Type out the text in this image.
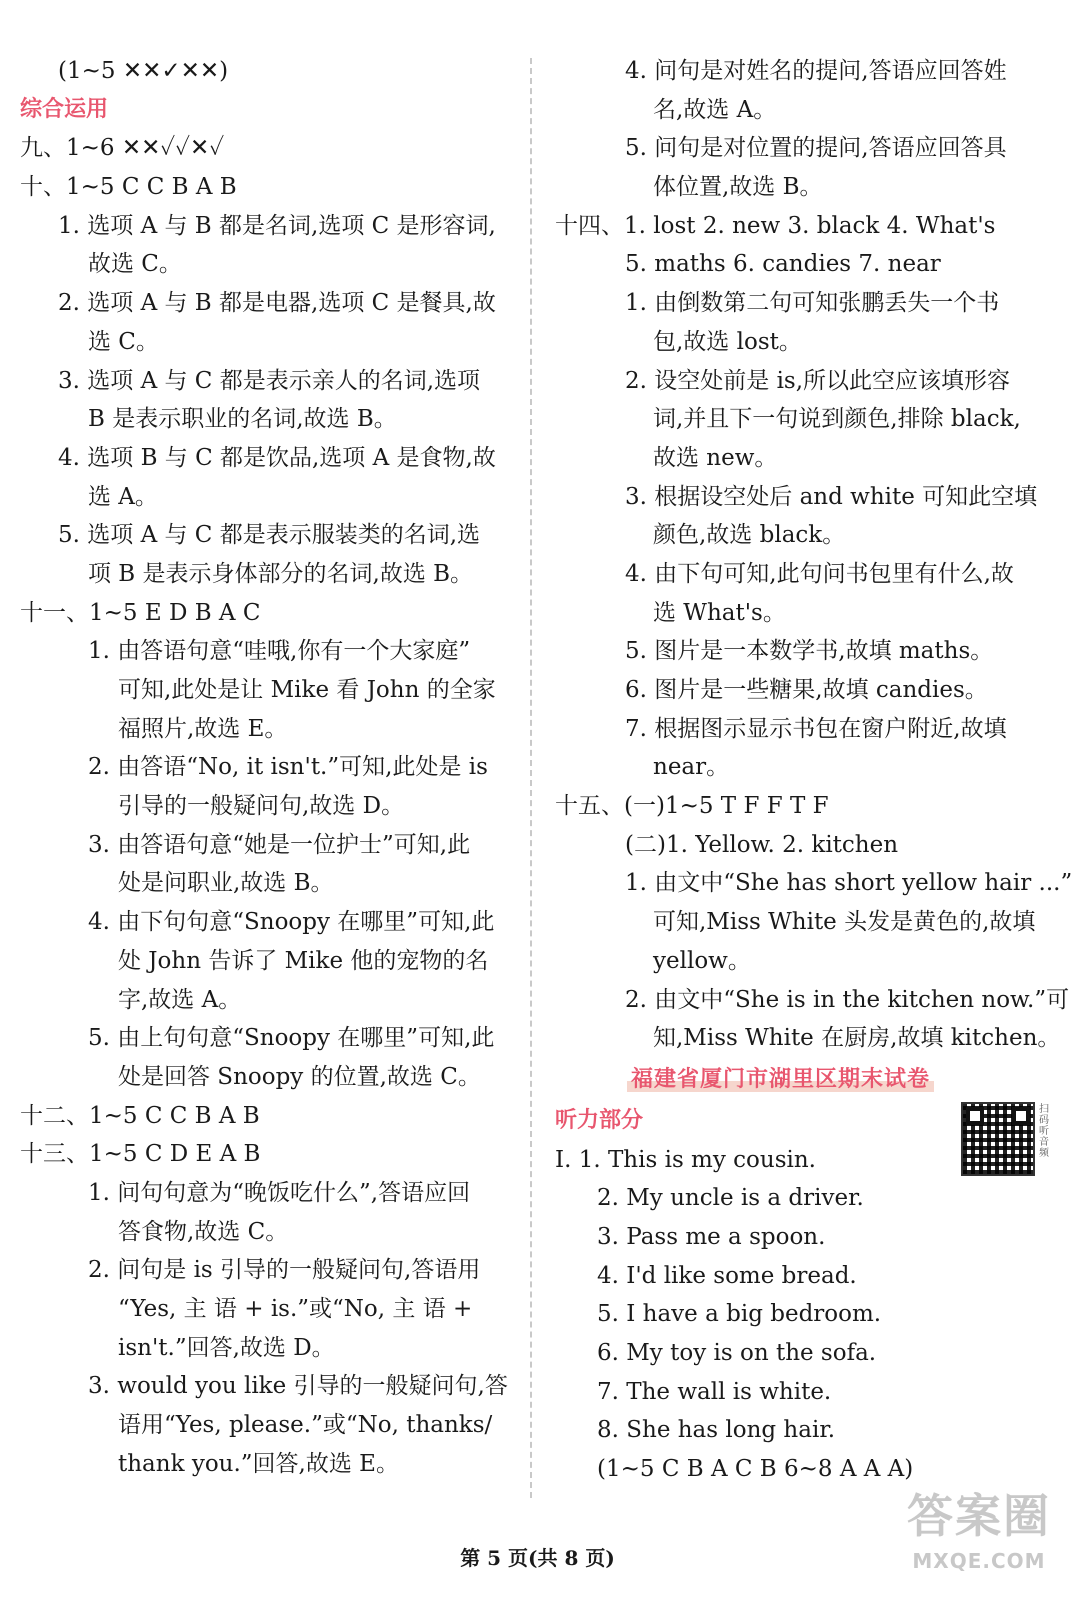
(1~5 ✕✕✓✕✕)
综合运用
九、1~6 ✕✕✓✓✕✓
十、1~5 C C B A B
1. 选项 A 与 B 都是名词,选项 C 是形容词,
故选 C。
2. 选项 A 与 B 都是电器,选项 C 是餐具,故
选 C。
3. 选项 A 与 C 都是表示亲人的名词,选项
B 是表示职业的名词,故选 B。
4. 选项 B 与 C 都是饮品,选项 A 是食物,故
选 A。
5. 选项 A 与 C 都是表示服装类的名词,选
项 B 是表示身体部分的名词,故选 B。
十一、1~5 E D B A C
1. 由答语句意“哇哦,你有一个大家庭”
可知,此处是让 Mike 看 John 的全家
福照片,故选 E。
2. 由答语“No, it isn't.”可知,此处是 is
引导的一般疑问句,故选 D。
3. 由答语句意“她是一位护士”可知,此
处是问职业,故选 B。
4. 由下句句意“Snoopy 在哪里”可知,此
处 John 告诉了 Mike 他的宠物的名
字,故选 A。
5. 由上句句意“Snoopy 在哪里”可知,此
处是回答 Snoopy 的位置,故选 C。
十二、1~5 C C B A B
十三、1~5 C D E A B
1. 问句句意为“晚饭吃什么”,答语应回
答食物,故选 C。
2. 问句是 is 引导的一般疑问句,答语用
“Yes, 主 语 + is.”或“No, 主 语 +
isn't.”回答,故选 D。
3. would you like 引导的一般疑问句,答
语用“Yes, please.”或“No, thanks/
thank you.”回答,故选 E。
4. 问句是对姓名的提问,答语应回答姓
名,故选 A。
5. 问句是对位置的提问,答语应回答具
体位置,故选 B。
十四、1. lost 2. new 3. black 4. What's
5. maths 6. candies 7. near
1. 由倒数第二句可知张鹏丢失一个书
包,故选 lost。
2. 设空处前是 is,所以此空应该填形容
词,并且下一句说到颜色,排除 black,
故选 new。
3. 根据设空处后 and white 可知此空填
颜色,故选 black。
4. 由下句可知,此句问书包里有什么,故
选 What's。
5. 图片是一本数学书,故填 maths。
6. 图片是一些糖果,故填 candies。
7. 根据图示显示书包在窗户附近,故填
near。
十五、(一)1~5 T F F T F
(二)1. Yellow. 2. kitchen
1. 由文中“She has short yellow hair ...”
可知,Miss White 头发是黄色的,故填
yellow。
2. 由文中“She is in the kitchen now.”可
知,Miss White 在厨房,故填 kitchen。
福建省厦门市湖里区期末试卷
扫码听音频
听力部分
Ⅰ. 1. This is my cousin.
2. My uncle is a driver.
3. Pass me a spoon.
4. I'd like some bread.
5. I have a big bedroom.
6. My toy is on the sofa.
7. The wall is white.
8. She has long hair.
(1~5 C B A C B 6~8 A A A)
第 5 页(共 8 页)
答案圈
MXQE.COM
